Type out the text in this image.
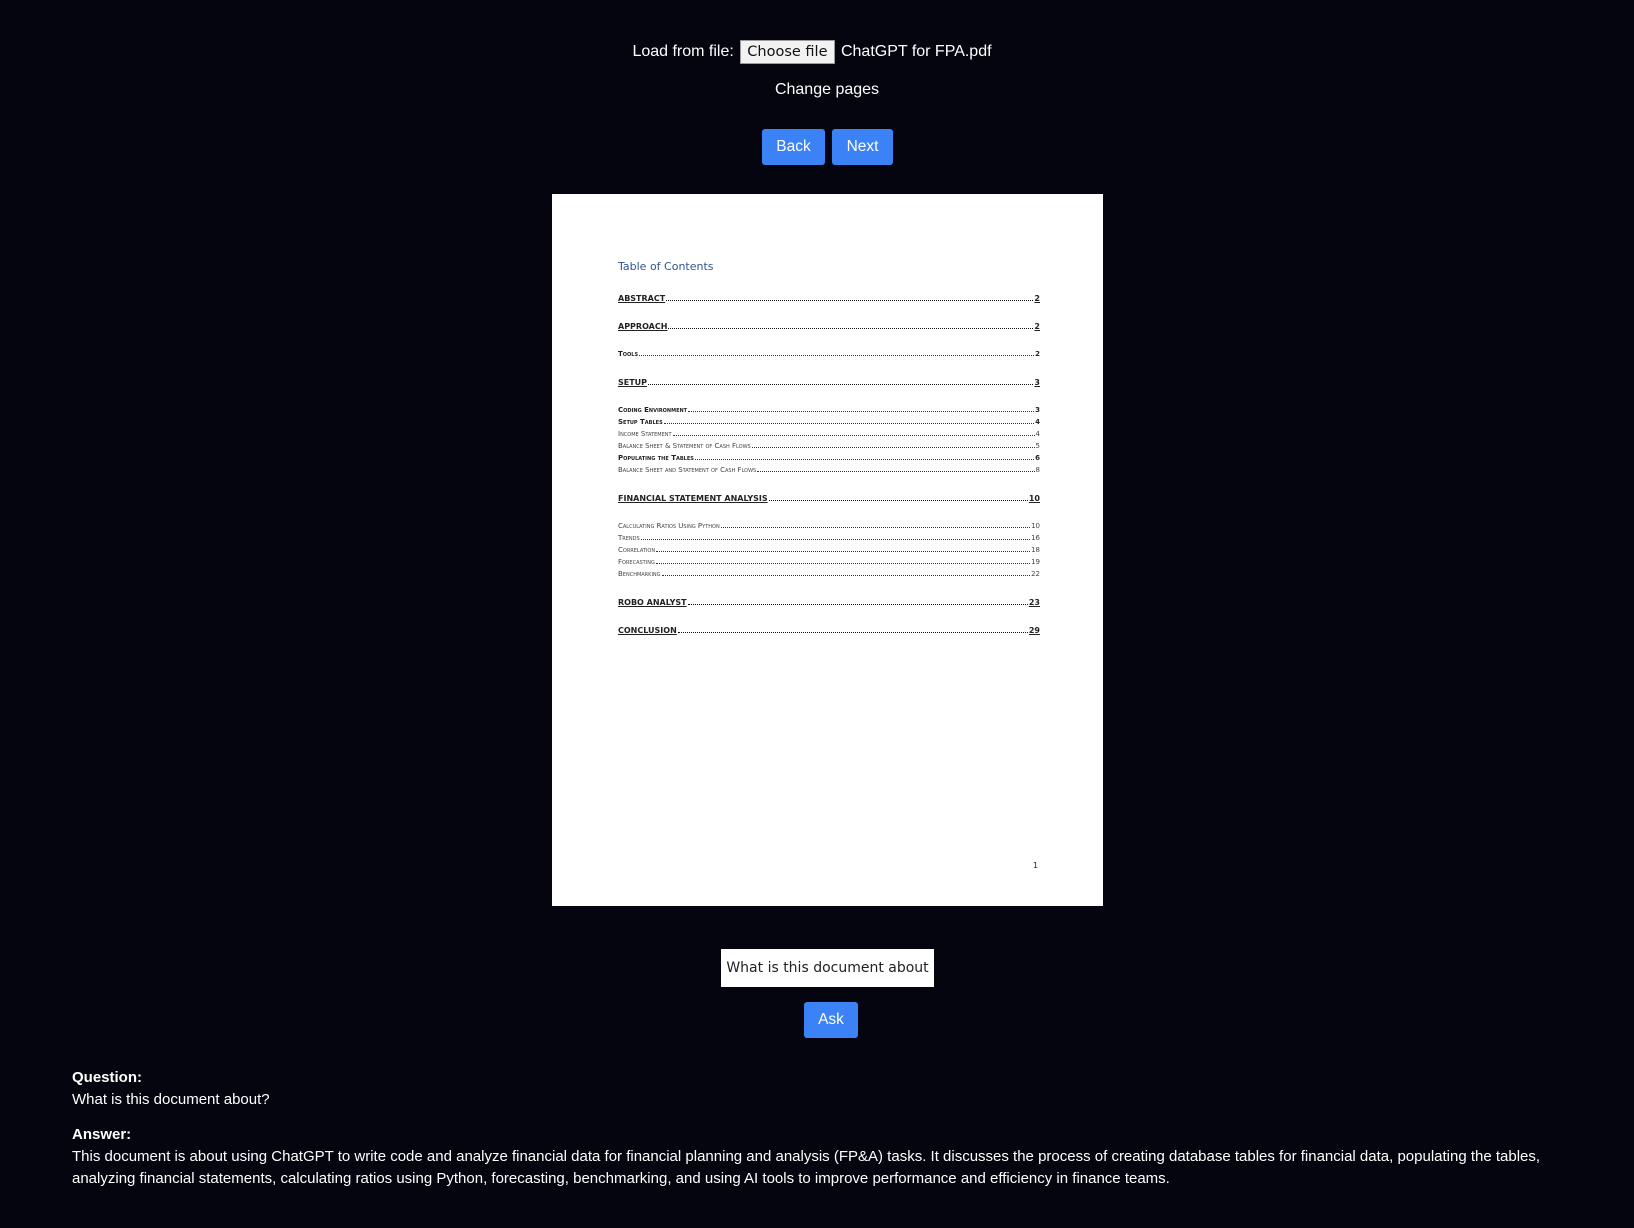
Load from file: Choose file ChatGPT for FPA.pdf
Change pages
Back	Next
Table of Contents
ABSTRACT	2
APPROACH	2
Tools	2
SETUP	3
Coding Environment	3
Setup Tables	4
Income Statement	4
Balance Sheet & Statement of Cash Flows	5
Populating the Tables	6
Balance Sheet and Statement of Cash Flows	8
FINANCIAL STATEMENT ANALYSIS	10
Calculating Ratios Using Python	10
Trends	16
Correlation	18
Forecasting	19
Benchmarking	22
ROBO ANALYST	23
CONCLUSION	29
1
What is this document about
Ask
Question:
What is this document about?
Answer:
This document is about using ChatGPT to write code and analyze financial data for financial planning and analysis (FP&A) tasks. It discusses the process of creating database tables for financial data, populating the tables, analyzing financial statements, calculating ratios using Python, forecasting, benchmarking, and using AI tools to improve performance and efficiency in finance teams.
